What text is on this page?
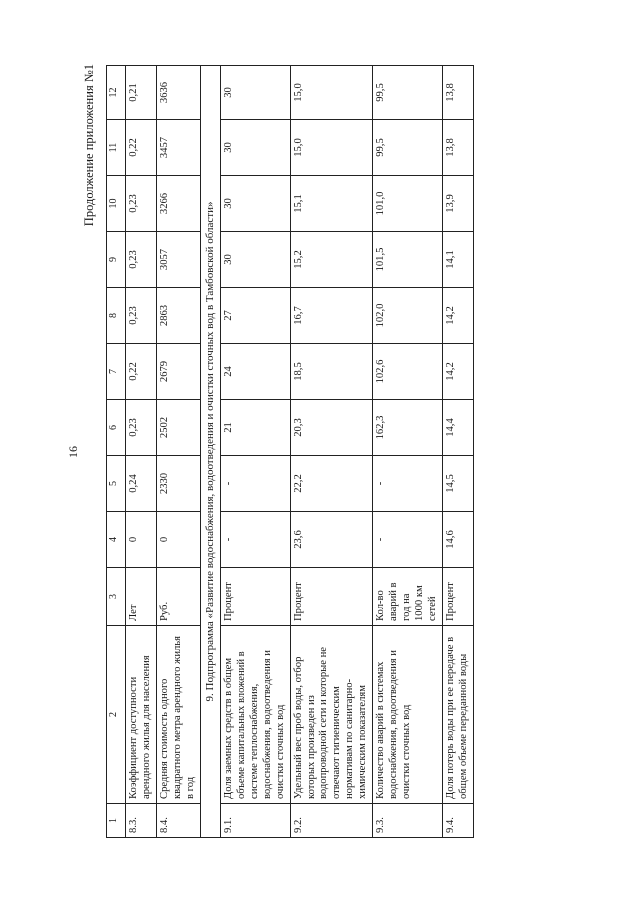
16
Продолжение приложения №1
1	2	3	4	5	6	7	8	9	10	11	12
8.3.	Коэффициент доступности арендного жилья для населения	Лет	0	0,24	0,23	0,22	0,23	0,23	0,23	0,22	0,21
8.4.	Средняя стоимость одного квадратного метра арендного жилья в год	Руб.	0	2330	2502	2679	2863	3057	3266	3457	3636
9. Подпрограмма «Развитие водоснабжения, водоотведения и очистки сточных вод в Тамбовской области»											
9.1.	Доля заемных средств в общем объеме капитальных вложений в системе теплоснабжения, водоснабжения, водоотведения и очистки сточных вод	Процент	-	-	21	24	27	30	30	30	30
9.2.	Удельный вес проб воды, отбор которых произведен из водопроводной сети и которые не отвечают гигиеническим нормативам по санитарно-химическим показателям	Процент	23,6	22,2	20,3	18,5	16,7	15,2	15,1	15,0	15,0
9.3.	Количество аварий в системах водоснабжения, водоотведения и очистки сточных вод	Кол-во аварий в год на 1000 км сетей	-	-	162,3	102,6	102,0	101,5	101,0	99,5	99,5
9.4.	Доля потерь воды при ее передаче в общем объеме переданной воды	Процент	14,6	14,5	14,4	14,2	14,2	14,1	13,9	13,8	13,8
